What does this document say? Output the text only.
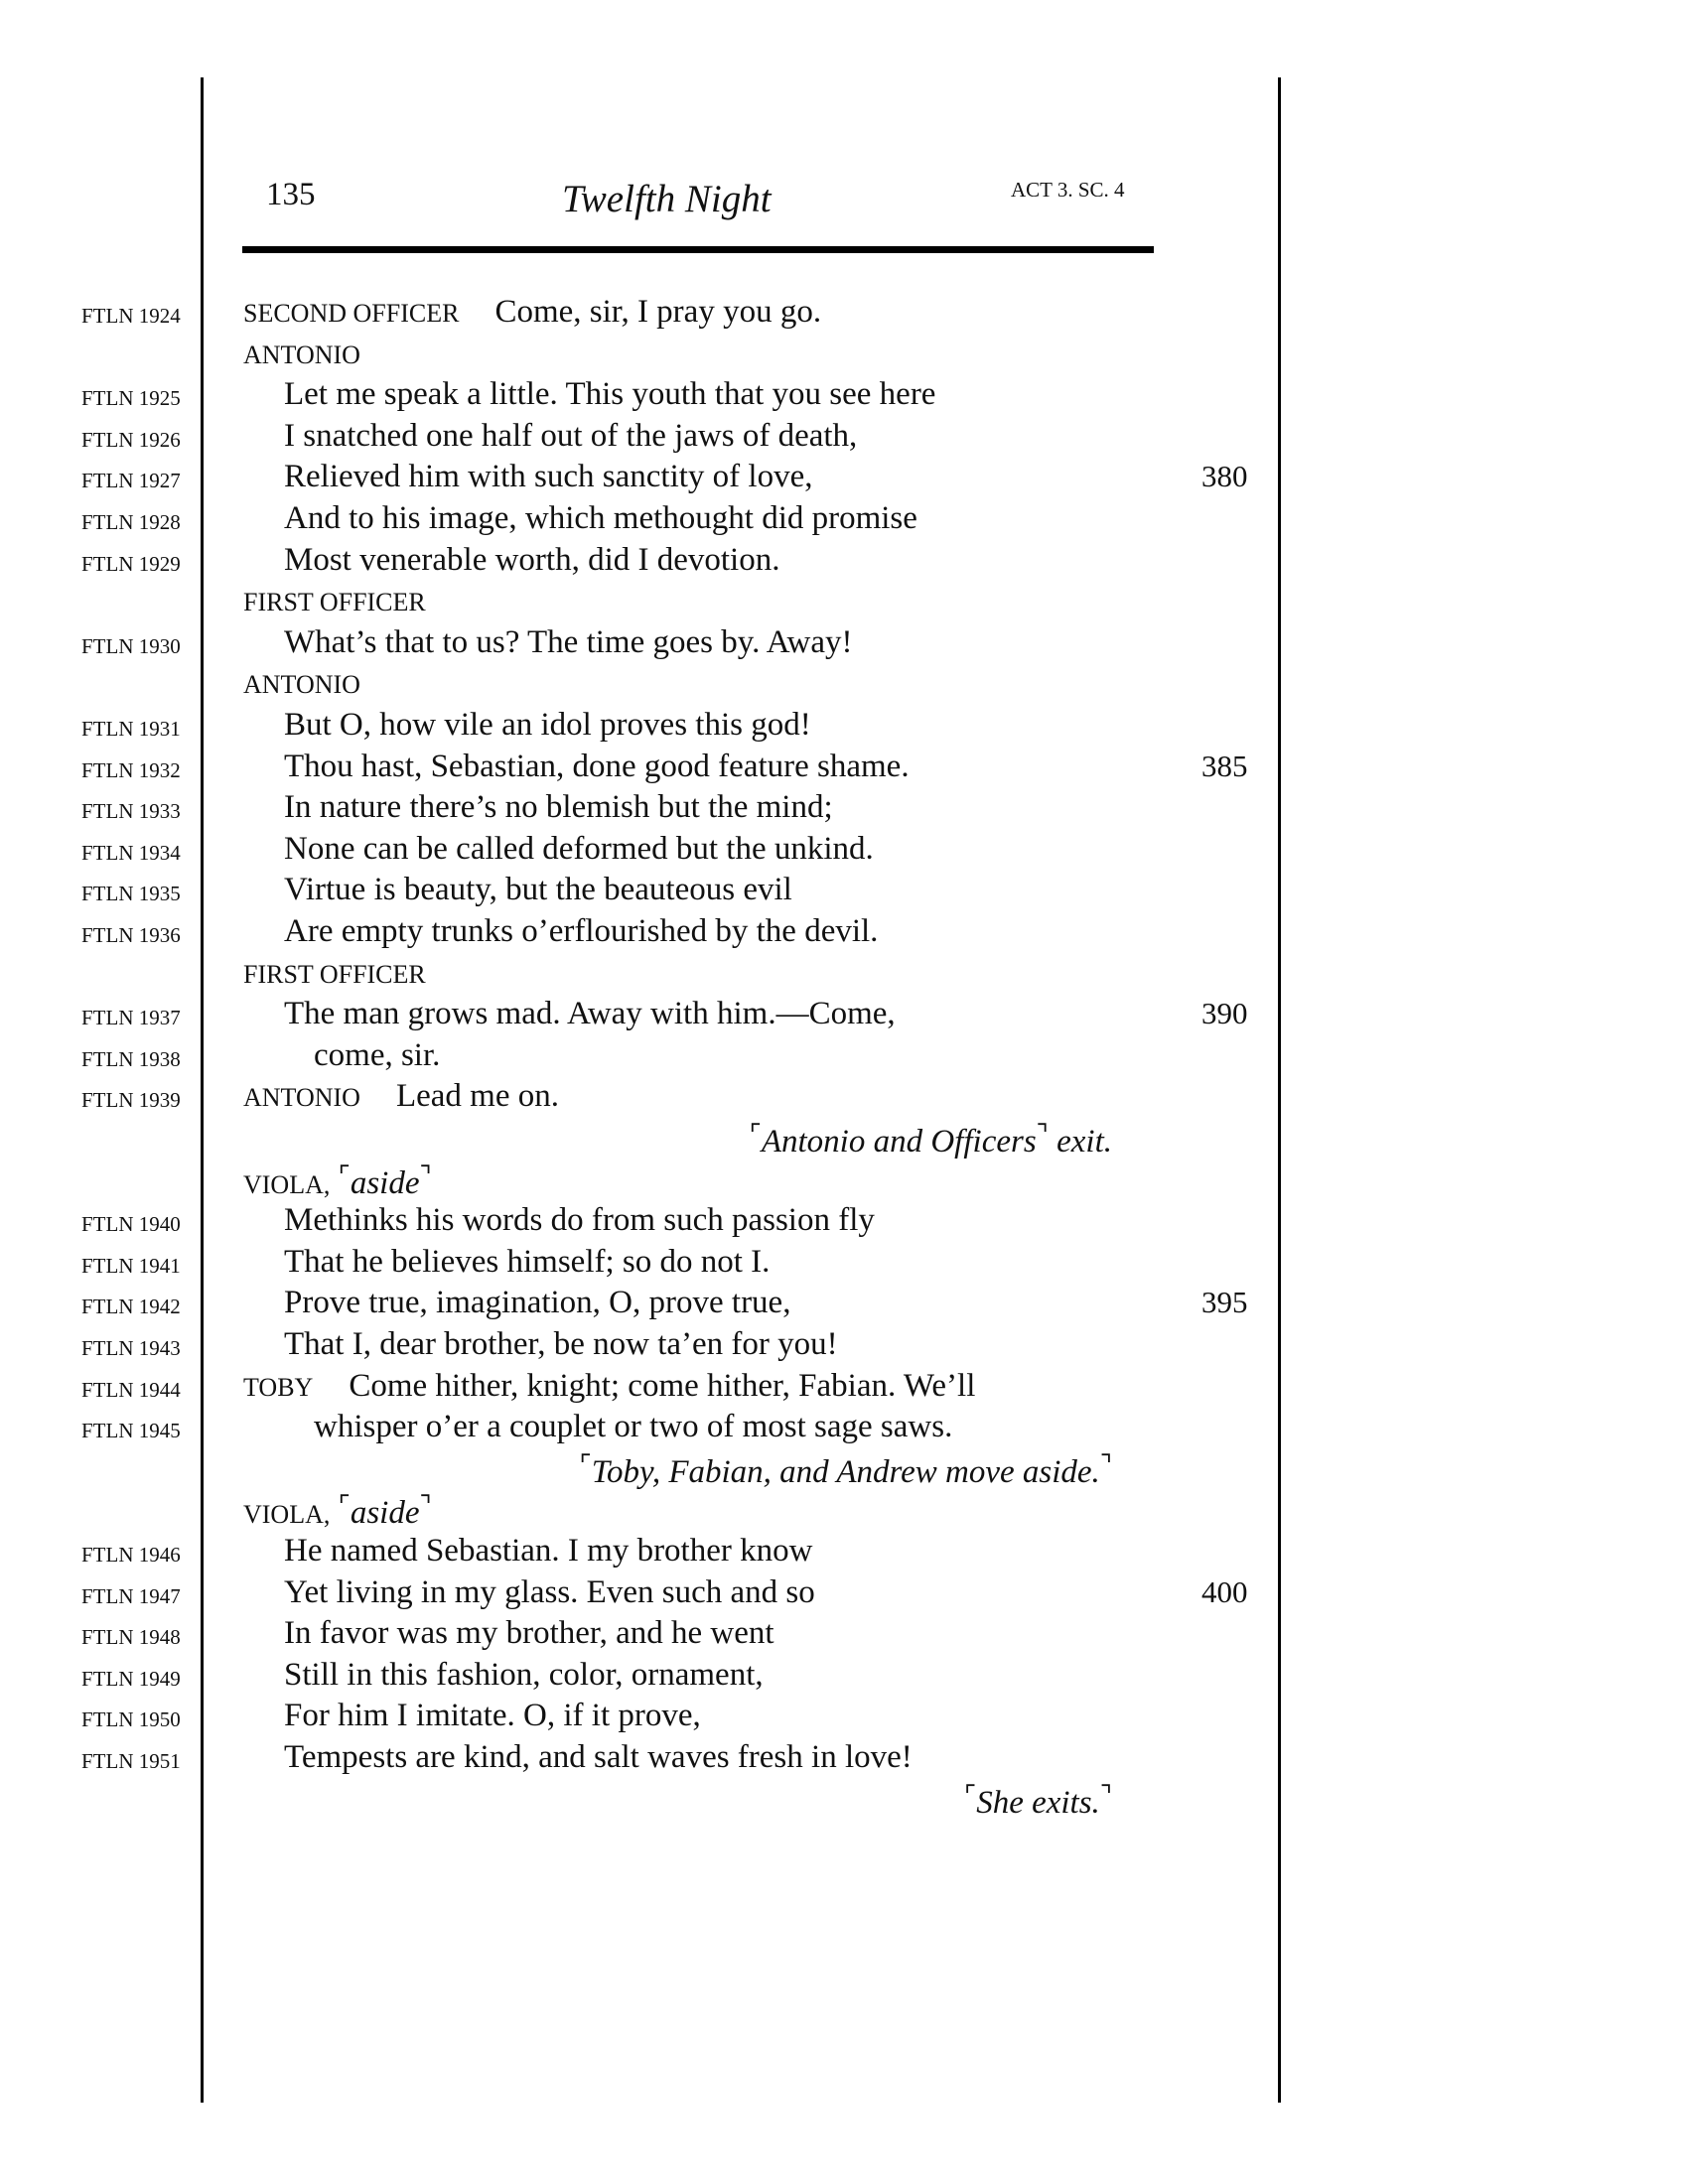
135	Twelfth Night	ACT 3. SC. 4
FTLN 1924	SECOND OFFICER Come, sir, I pray you go.
ANTONIO
FTLN 1925	Let me speak a little. This youth that you see here
FTLN 1926	I snatched one half out of the jaws of death,
FTLN 1927	Relieved him with such sanctity of love,	380
FTLN 1928	And to his image, which methought did promise
FTLN 1929	Most venerable worth, did I devotion.
FIRST OFFICER
FTLN 1930	What’s that to us? The time goes by. Away!
ANTONIO
FTLN 1931	But O, how vile an idol proves this god!
FTLN 1932	Thou hast, Sebastian, done good feature shame.	385
FTLN 1933	In nature there’s no blemish but the mind;
FTLN 1934	None can be called deformed but the unkind.
FTLN 1935	Virtue is beauty, but the beauteous evil
FTLN 1936	Are empty trunks o’erflourished by the devil.
FIRST OFFICER
FTLN 1937	The man grows mad. Away with him.—Come,	390
FTLN 1938	come, sir.
FTLN 1939	ANTONIO Lead me on.
⌜Antonio and Officers⌝ exit.
VIOLA, ⌜aside⌝
FTLN 1940	Methinks his words do from such passion fly
FTLN 1941	That he believes himself; so do not I.
FTLN 1942	Prove true, imagination, O, prove true,	395
FTLN 1943	That I, dear brother, be now ta’en for you!
FTLN 1944	TOBY Come hither, knight; come hither, Fabian. We’ll
FTLN 1945	whisper o’er a couplet or two of most sage saws.
⌜Toby, Fabian, and Andrew move aside.⌝
VIOLA, ⌜aside⌝
FTLN 1946	He named Sebastian. I my brother know
FTLN 1947	Yet living in my glass. Even such and so	400
FTLN 1948	In favor was my brother, and he went
FTLN 1949	Still in this fashion, color, ornament,
FTLN 1950	For him I imitate. O, if it prove,
FTLN 1951	Tempests are kind, and salt waves fresh in love!
⌜She exits.⌝
